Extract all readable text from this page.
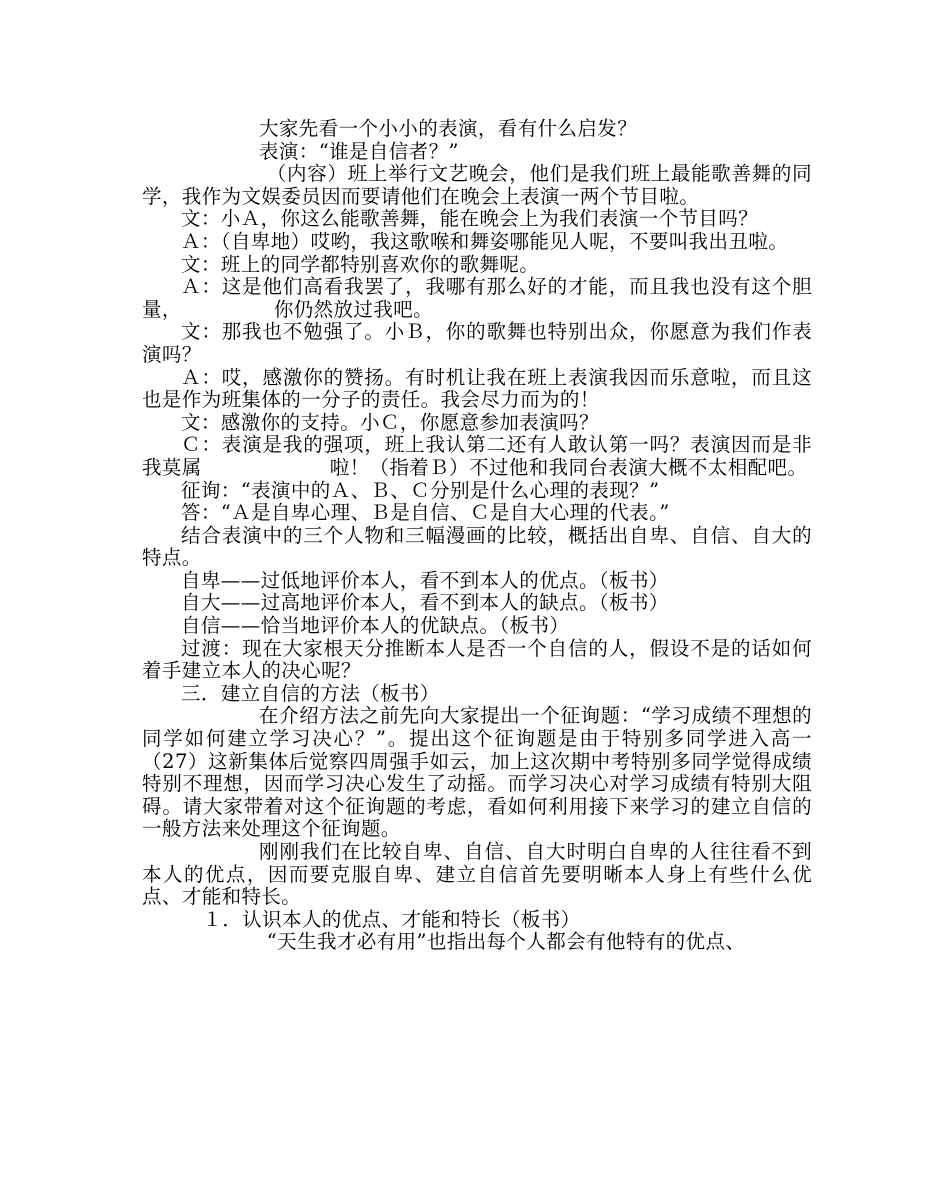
大家先看一个小小的表演，看有什么启发？

表演：“谁是自信者？”

（内容）班上举行文艺晚会，他们是我们班上最能歌善舞的同学，我作为文娱委员因而要请他们在晚会上表演一两个节目啦。

文：小Ａ，你这么能歌善舞，能在晚会上为我们表演一个节目吗？

Ａ：（自卑地）哎哟，我这歌喉和舞姿哪能见人呢，不要叫我出丑啦。

文：班上的同学都特别喜欢你的歌舞呢。

Ａ：这是他们高看我罢了，我哪有那么好的才能，而且我也没有这个胆量，	你仍然放过我吧。

文：那我也不勉强了。小Ｂ，你的歌舞也特别出众，你愿意为我们作表演吗？

Ａ：哎，感激你的赞扬。有时机让我在班上表演我因而乐意啦，而且这也是作为班集体的一分子的责任。我会尽力而为的！

文：感激你的支持。小Ｃ，你愿意参加表演吗？

Ｃ：表演是我的强项，班上我认第二还有人敢认第一吗？表演因而是非我莫属	啦！（指着Ｂ）不过他和我同台表演大概不太相配吧。

征询：“表演中的Ａ、Ｂ、Ｃ分别是什么心理的表现？”

答：“Ａ是自卑心理、Ｂ是自信、Ｃ是自大心理的代表。”

结合表演中的三个人物和三幅漫画的比较，概括出自卑、自信、自大的特点。

自卑——过低地评价本人，看不到本人的优点。（板书）

自大——过高地评价本人，看不到本人的缺点。（板书）

自信——恰当地评价本人的优缺点。（板书）

过渡：现在大家根天分推断本人是否一个自信的人，假设不是的话如何着手建立本人的决心呢？

三．建立自信的方法（板书）

在介绍方法之前先向大家提出一个征询题：“学习成绩不理想的同学如何建立学习决心？”。提出这个征询题是由于特别多同学进入高一（27）这新集体后觉察四周强手如云，加上这次期中考特别多同学觉得成绩特别不理想，因而学习决心发生了动摇。而学习决心对学习成绩有特别大阻碍。请大家带着对这个征询题的考虑，看如何利用接下来学习的建立自信的一般方法来处理这个征询题。

刚刚我们在比较自卑、自信、自大时明白自卑的人往往看不到本人的优点，因而要克服自卑、建立自信首先要明晰本人身上有些什么优点、才能和特长。

１．认识本人的优点、才能和特长（板书）

“天生我才必有用”也指出每个人都会有他特有的优点、
